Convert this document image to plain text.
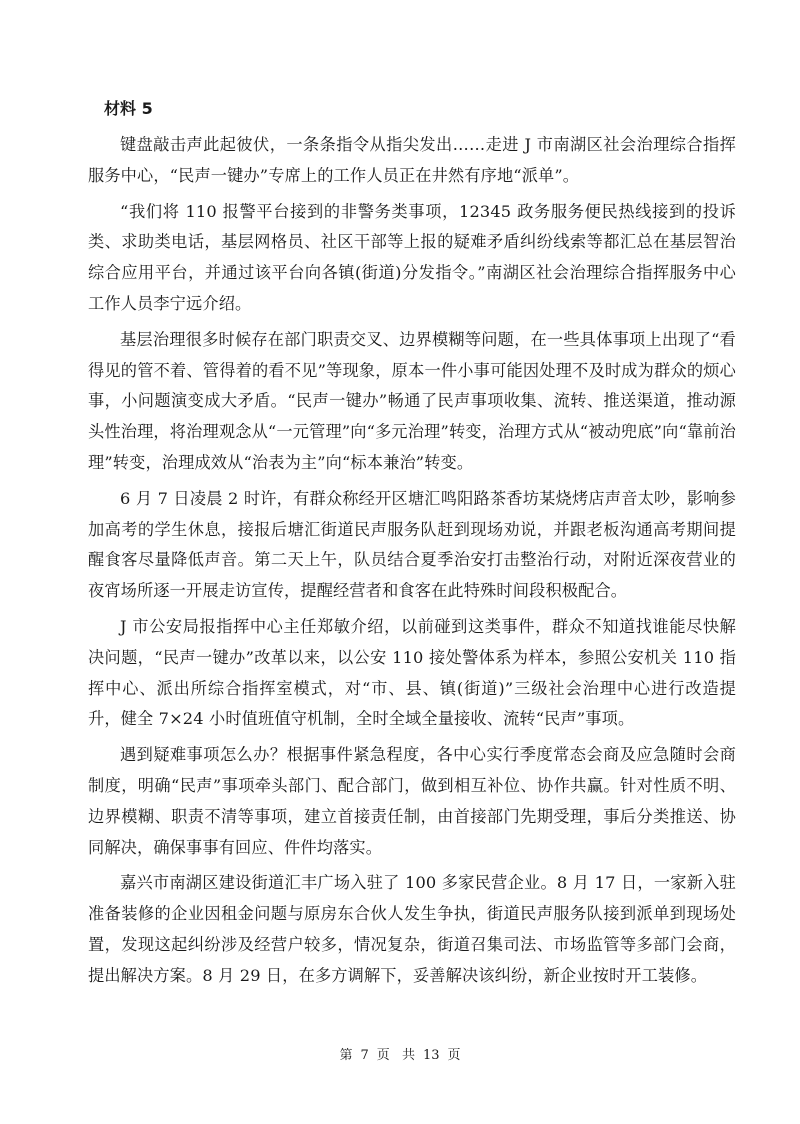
材料 5

键盘敲击声此起彼伏，一条条指令从指尖发出……走进 J 市南湖区社会治理综合指挥服务中心，“民声一键办”专席上的工作人员正在井然有序地“派单”。

“我们将 110 报警平台接到的非警务类事项，12345 政务服务便民热线接到的投诉类、求助类电话，基层网格员、社区干部等上报的疑难矛盾纠纷线索等都汇总在基层智治综合应用平台，并通过该平台向各镇(街道)分发指令。”南湖区社会治理综合指挥服务中心工作人员李宁远介绍。

基层治理很多时候存在部门职责交叉、边界模糊等问题，在一些具体事项上出现了“看得见的管不着、管得着的看不见”等现象，原本一件小事可能因处理不及时成为群众的烦心事，小问题演变成大矛盾。“民声一键办”畅通了民声事项收集、流转、推送渠道，推动源头性治理，将治理观念从“一元管理”向“多元治理”转变，治理方式从“被动兜底”向“靠前治理”转变，治理成效从“治表为主”向“标本兼治”转变。

6 月 7 日凌晨 2 时许，有群众称经开区塘汇鸣阳路茶香坊某烧烤店声音太吵，影响参加高考的学生休息，接报后塘汇街道民声服务队赶到现场劝说，并跟老板沟通高考期间提醒食客尽量降低声音。第二天上午，队员结合夏季治安打击整治行动，对附近深夜营业的夜宵场所逐一开展走访宣传，提醒经营者和食客在此特殊时间段积极配合。

J 市公安局报指挥中心主任郑敏介绍，以前碰到这类事件，群众不知道找谁能尽快解决问题，“民声一键办”改革以来，以公安 110 接处警体系为样本，参照公安机关 110 指挥中心、派出所综合指挥室模式，对“市、县、镇(街道)”三级社会治理中心进行改造提升，健全 7×24 小时值班值守机制，全时全域全量接收、流转“民声”事项。

遇到疑难事项怎么办？根据事件紧急程度，各中心实行季度常态会商及应急随时会商制度，明确“民声”事项牵头部门、配合部门，做到相互补位、协作共赢。针对性质不明、边界模糊、职责不清等事项，建立首接责任制，由首接部门先期受理，事后分类推送、协同解决，确保事事有回应、件件均落实。

嘉兴市南湖区建设街道汇丰广场入驻了 100 多家民营企业。8 月 17 日，一家新入驻准备装修的企业因租金问题与原房东合伙人发生争执，街道民声服务队接到派单到现场处置，发现这起纠纷涉及经营户较多，情况复杂，街道召集司法、市场监管等多部门会商，提出解决方案。8 月 29 日，在多方调解下，妥善解决该纠纷，新企业按时开工装修。

第 7 页 共 13 页
